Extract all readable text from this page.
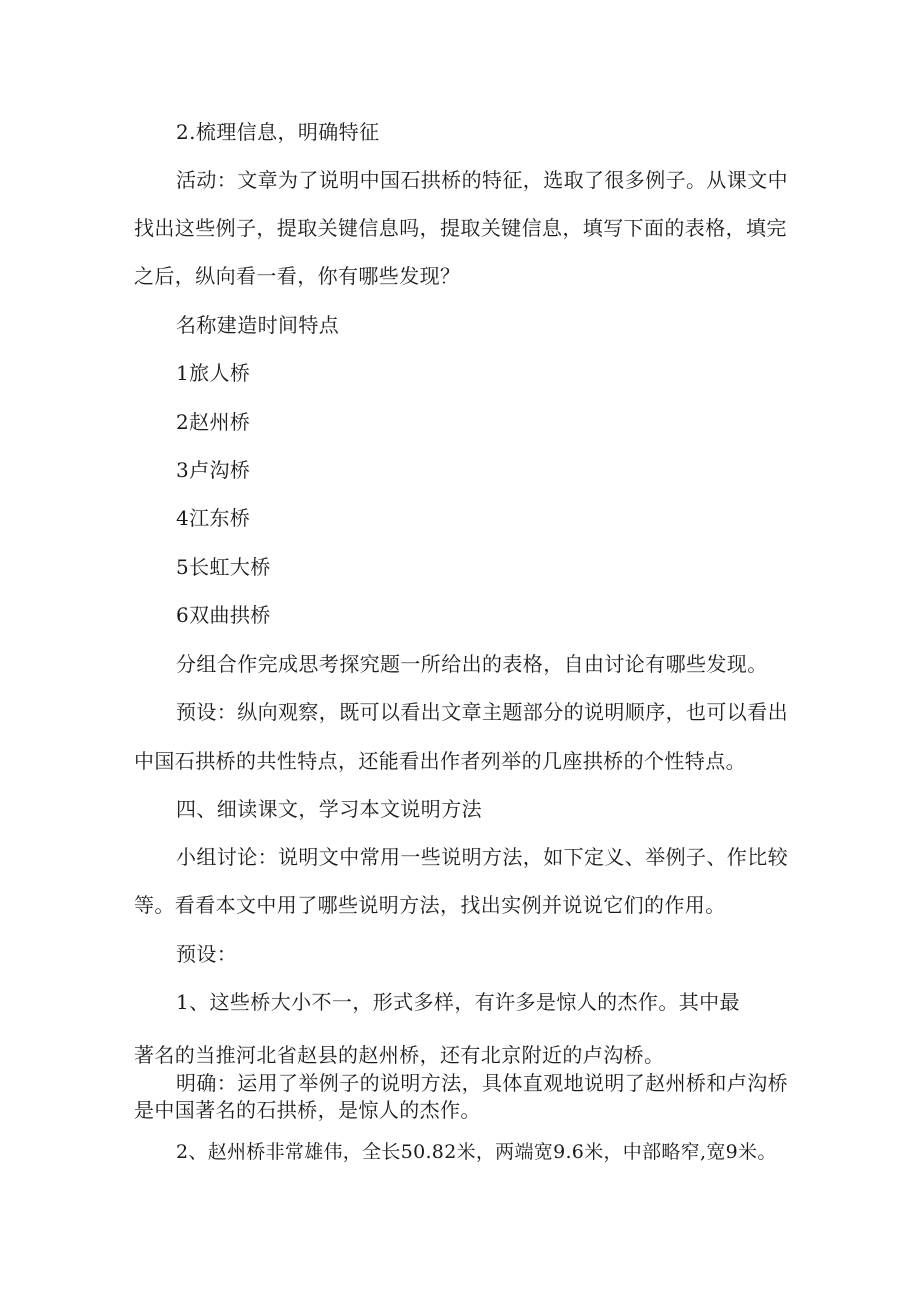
2.梳理信息，明确特征
活动：文章为了说明中国石拱桥的特征，选取了很多例子。从课文中
找出这些例子，提取关键信息吗，提取关键信息，填写下面的表格，填完
之后，纵向看一看，你有哪些发现？
名称建造时间特点
1旅人桥
2赵州桥
3卢沟桥
4江东桥
5长虹大桥
6双曲拱桥
分组合作完成思考探究题一所给出的表格，自由讨论有哪些发现。
预设：纵向观察，既可以看出文章主题部分的说明顺序，也可以看出
中国石拱桥的共性特点，还能看出作者列举的几座拱桥的个性特点。
四、细读课文，学习本文说明方法
小组讨论：说明文中常用一些说明方法，如下定义、举例子、作比较
等。看看本文中用了哪些说明方法，找出实例并说说它们的作用。
预设：
1、这些桥大小不一，形式多样，有许多是惊人的杰作。其中最
著名的当推河北省赵县的赵州桥，还有北京附近的卢沟桥。
明确：运用了举例子的说明方法，具体直观地说明了赵州桥和卢沟桥
是中国著名的石拱桥，是惊人的杰作。
2、赵州桥非常雄伟，全长50.82米，两端宽9.6米，中部略窄,宽9米。
